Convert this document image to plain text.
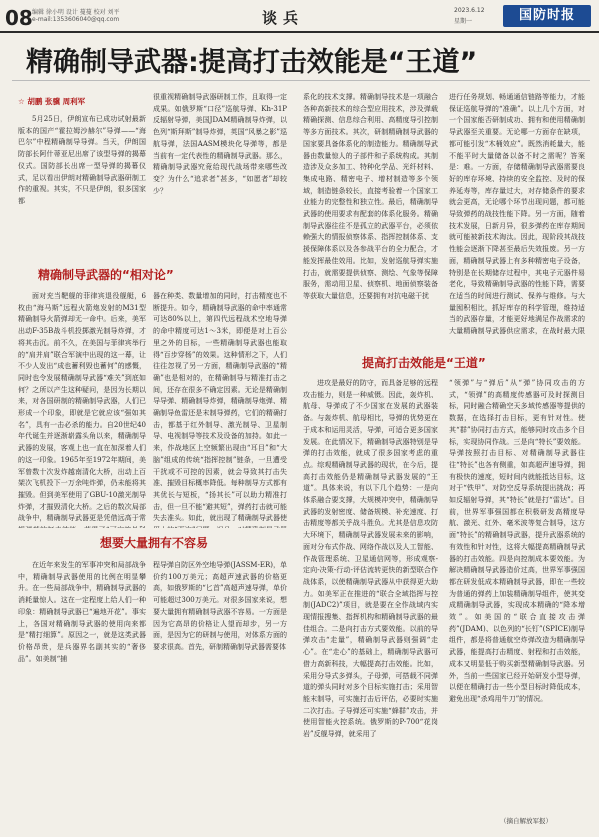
08 编辑 徐小明 设计 蔓蔓 校对 刘平
e-mail:1353606040@qq.com	谈兵	2023.6.12
星期一	国防时报
精确制导武器:提高打击效能是“王道”
☆ 胡鹏 张骥 周利军

5月25日，伊朗宣布已成功试射最新版本的国产“霍拉姆沙赫尔”导弹——“海巴尔”中程精确制导导弹。当天，伊朗国防部长阿什蒂亚尼出席了该型导弹的揭幕仪式。国防部长出席一型导弹的揭幕仪式，足以看出伊朗对精确制导武器研制工作的重视。其实，不只是伊朗，很多国家都

精确制导武器的“相对论”

面对充当靶舰的菲律宾退役舰艇，6枚由“海马斯”远程火箭炮发射的M31型精确制导火箭弹却无一命中。后来，美军出动F-35B战斗机投掷激光制导炸弹，才将其击沉。前不久，在美国与菲律宾举行的“肩并肩”联合军演中出现的这一幕，让不少人发出“成也蓄利毁也蓄何”的感慨，同时也令发展精确制导武器“难关”到底如何？之所以产生这种疑问，是因为长期以来，对各国研制的精确制导武器，人们已形成一个印象，即就是它就应该“强如其名”，具有一击必杀的能力。自20世纪40年代诞生并逐渐崭露头角以来，精确制导武器的发展，客观上也一直在加深着人们的这一印象。1965年至1972年期间，美军曾数十次发炸越南清化大桥，出动上百架次飞机投下一万余吨炸弹，仍未能将其摧毁。但到美军使用了GBU-10激光制导炸弹，才摧毁清化大桥。之后的数次局部战争中，精确制导武器更是凭借远高于常

想要大量拥有不容易

在近年来发生的军事冲突和局部战争中，精确制导武器使用的比例在明显攀升。在一些局部战争中，精确制导武器的消耗量惊人。这在一定程度上给人们一种印象：精确制导武器已“遍地开花”。事实上，各国对精确制导武器的使用向来都是“精打细算”。原因之一，就是这类武器价格昂贵，是兵器界名副其实的“奢侈品”。如美制“捕

很重视精确制导武器研制工作，且取得一定成果。如俄罗斯“口径”巡航导弹、Kh-31P反辐射导弹，美国JDAM精确制导炸弹，以色列“斯拜斯”制导炸弹，英国“风暴之影”巡航导弹，法国AASM模块化导弹等，都是当前有一定代表性的精确制导武器。那么，精确制导武器究竟给现代战场带来哪些改变？为什么“追求者”甚多，“如愿者”却较少？

器在种类、数量增加的同时，打击精度也不断提升。如今，精确制导武器的命中率通常可达80%以上，第四代远程战术空地导弹的命中精度可达1～3米，即便是对上百公里之外的目标，一些精确制导武器也能取得“百步穿杨”的效果。这种情形之下，人们往往忽视了另一方面，精确制导武器的“精确”也是相对的，在精确制导与精准打击之间，还存在很多不确定因素。无论是精确制导导弹、精确制导炸弹，精确制导炮弹、精确制导鱼雷还是末制导弹药，它们的精确打击，都基于红外制导、激光制导、卫星制导、电视制导等技术及设备的加持。如此一来，作战地区上空频繁出现由“耳目”和“大脑”组成的传统“指挥控制”链条，一旦遭受干扰或不可控的因素，就会导致其打击失准、摧毁目标概率降低。每种制导方式都有其优长与短板，“扬其长”可以助力精准打击，但一旦不能“避其短”，弹药打击就可能失去准头。如此，就出现了精确制导武器使

程导弹自防区外空地导弹(JASSM-ER)，单价约100万美元；高超声速武器的价格更高，如俄罗斯的“匕首”高超声速导弹，单价可能超过300万美元。对很多国家来说，想要大量拥有精确制导武器不容易。一方面是因为它高昂的价格让人望而却步，另一方面，是因为它的研制与使用，对体系方面的要求很高。首先，研制精确制导武器需要体

系化的技术支撑。精确制导技术是一项融合各种高新技术的综合型应用技术，涉及弹载精确探测、信息综合利用、高精度导引控制等多方面技术。其次，研制精确制导武器的国家要具备体系化的制造能力。精确制导武器由数量惊人的子部件和子系统构成。其制造涉及众多加工、特种化学品、光纤材料、集成电路、精密电子、增材制造等多个领域，制造链条较长，直接考验着一个国家工业能力的完整性和独立性。最后，精确制导武器的使用要求有配套的体系化服务。精确制导武器往往不是孤立的武器平台，必须依赖强大的情报侦察体系、指挥控制体系、支援保障体系以及各参战平台的全力配合，才能发挥最佳效用。比如，发射巡航导弹实施打击，就需要提供侦察、测绘、气象等保障服务，需动用卫星、侦察机、地面侦察装备等获取大量信息，还要拥有对抗电磁干扰

提高打击效能是“王道”

进攻是最好的防守，而具备足够的远程攻击能力，则是一种威慑。因此，轰炸机、航母、导弹成了不少国家在发展的武器装备。与轰炸机、航母相比，导弹的优势更在于成本和运用灵活，导弹，可适合更多国家发展。在此情况下，精确制导武器特别是导弹的打击效能，就成了很多国家考虑的重点。综观精确制导武器的现状，在今后，提高打击效能仍是精确制导武器发展的“王道”。具体来说，有以下几个趋势：一是向体系融合要支撑，大规模冲突中，精确制导武器的发射密度、储备规模、补充速度、打击精度等都关乎战斗胜负。尤其是信息攻防大环境下，精确制导武器发展未来的影响，面对分布式作战、网络作战以及人工智能、作战管理系统、卫星通信网等，形成观察-定向-决策-行动-评估流转更快的新型联合作战体系，以使精确制导武器从中获得更大助力。如美军正在推进的“联合全域指挥与控制(JADC2)”项目，就是要在全作战域内实现情报搜集、指挥机构和精确制导武器的最佳组合。二是向打击方式要效能。以前的导弹攻击“走量”，精确制导武器则强调“走心”。在“走心”的基础上，精确制导武器可借力高新科技，大幅提高打击效能。比如，采用分导式多弹头，子母弹，可搭载不同弹道的弹头同时对多个目标实施打击；采用智能末制导，可实施打击后评估，必要时实施二次打击。子导弹还可实施“蜂群”攻击，并使用智能火控系统。俄罗斯的P-700“花岗岩”反舰导弹，就采用了

进行任务规划、畅通通信链路等能力，才能保证巡航导弹的“准确”。以上几个方面，对一个国家能否研制成功、拥有和使用精确制导武器至关重要。无论哪一方面存在缺项，都可能引发“木桶效应”。既然消耗量大，能不能平时大量储备以备不时之需呢？答案是：难。一方面，存储精确制导武器需要良好的库存环境、持续的安全监控、及时的保养延寿等，库存量过大，对存储条件的要求就会更高，无论哪个环节出现问题，都可能导致弹药的战技性能下降。另一方面，随着技术发展，日新月异，很多弹药在库存期间就可能被新技术淘汰。因此，现阶段其战技性能会逐渐下降甚至最后失效报废。另一方面，精确制导武器上有多种精密电子设备，特别是在长期储存过程中，其电子元器件易老化，导致精确制导武器的性能下降，需要在适当的时间进行测试、保养与维修。与大量囤积相比，抓好库存的科学管理，维持适当的武器存量，才能更好地满足作战需求的大量精确制导武器供应需求，在战时最大限

“领弹”与“弹后”从“弹”协同攻击的方式，“领弹”的高精度传感器可及时探测目标，同时融合精确空天多域传感器等提供的数据，在选择打击目标，更有针对性。使其“群”协同打击方式，能够同时攻击多个目标，实现协同作战。三是向“特长”要效能。导弹按照打击目标、对精确制导武器往往“特长”也各有侧重，如高超声速导弹，拥有极快的速度，短时间内就能抵达目标，这对于“铁甲”、对防空反导系统提出挑战；再如反辐射导弹，其“特长”就是打“雷达”。目前，世界军事强国都在积极研发高精度导航、激光、红外、毫米波等复合制导，这方面“特长”的精确制导武器，提升武器系统的有效性和针对性，这将大幅提高精确制导武器的打击效能。四是向控制成本要效能。为解决精确制导武器造价过高，世界军事强国都在研发低成本精确制导武器，即在一些较为普通的弹药上加装精确制导组件，使其变成精确制导武器，实现成本精确的“降本增效”。如美国的“联合直接攻击弹药”(JDAM)、以色列的“长钉”(SPICE)制导组件，都是将普通航空炸弹改造为精确制导武器，能提高打击精度、射程和打击效能，成本又明显低于购买新型精确制导武器。另外，当前一些国家已经开始研发小型导弹，以便在精确打击一些小型目标时降低成本，避免出现“杀鸡用牛刀”的情况。

（摘自解放军报）
